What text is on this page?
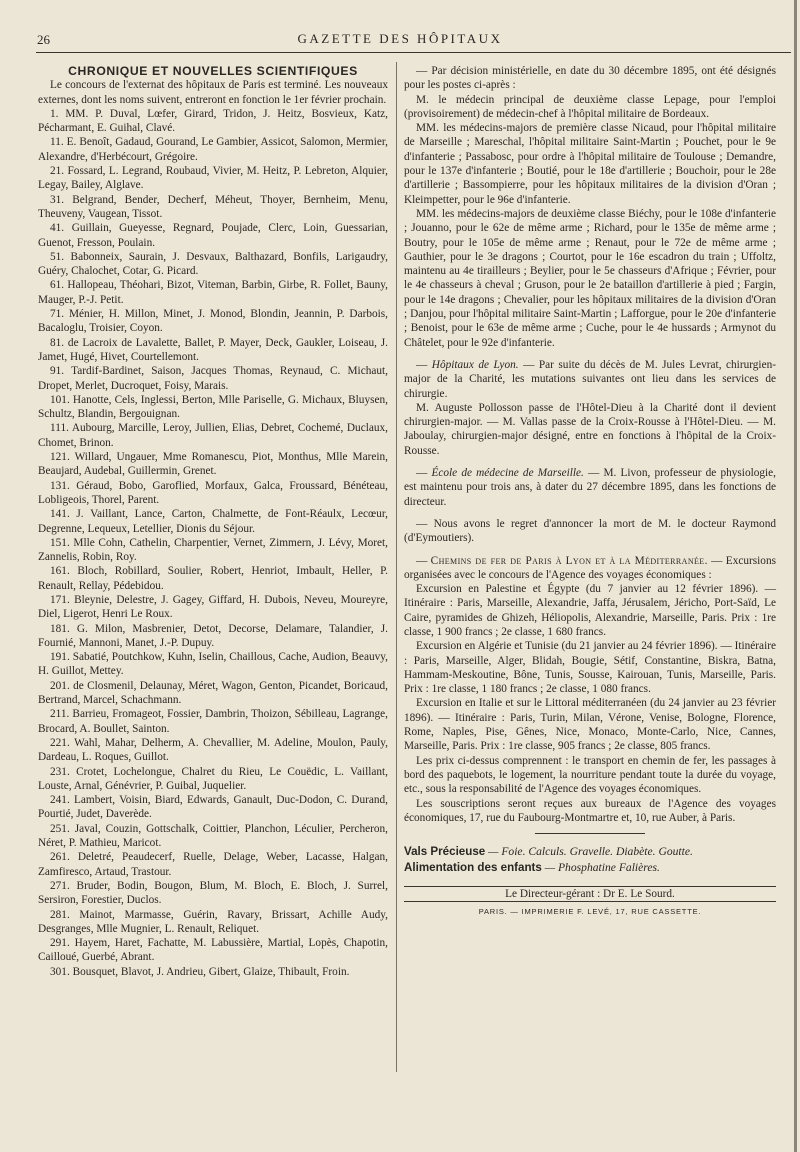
26	GAZETTE DES HÔPITAUX

CHRONIQUE ET NOUVELLES SCIENTIFIQUES

Le concours de l'externat des hôpitaux de Paris est terminé. Les nouveaux externes, dont les noms suivent, entreront en fonction le 1er février prochain.

1. MM. P. Duval, Lœfer, Girard, Tridon, J. Heitz, Bosvieux, Katz, Pécharmant, E. Guihal, Clavé.

11. E. Benoît, Gadaud, Gourand, Le Gambier, Assicot, Salomon, Mermier, Alexandre, d'Herbécourt, Grégoire.

21. Fossard, L. Legrand, Roubaud, Vivier, M. Heitz, P. Lebreton, Alquier, Legay, Bailey, Alglave.

31. Belgrand, Bender, Decherf, Méheut, Thoyer, Bernheim, Menu, Theuveny, Vaugean, Tissot.

41. Guillain, Gueyesse, Regnard, Poujade, Clerc, Loin, Guessarian, Guenot, Fresson, Poulain.

51. Babonneix, Saurain, J. Desvaux, Balthazard, Bonfils, Larigaudry, Guéry, Chalochet, Cotar, G. Picard.

61. Hallopeau, Théohari, Bizot, Viteman, Barbin, Girbe, R. Follet, Bauny, Mauger, P.-J. Petit.

71. Ménier, H. Millon, Minet, J. Monod, Blondin, Jeannin, P. Darbois, Bacaloglu, Troisier, Coyon.

81. de Lacroix de Lavalette, Ballet, P. Mayer, Deck, Gaukler, Loiseau, J. Jamet, Hugé, Hivet, Courtellemont.

91. Tardif-Bardinet, Saison, Jacques Thomas, Reynaud, C. Michaut, Dropet, Merlet, Ducroquet, Foisy, Marais.

101. Hanotte, Cels, Inglessi, Berton, Mlle Pariselle, G. Michaux, Bluysen, Schultz, Blandin, Bergouignan.

111. Aubourg, Marcille, Leroy, Jullien, Elias, Debret, Cochemé, Duclaux, Chomet, Brinon.

121. Willard, Ungauer, Mme Romanescu, Piot, Monthus, Mlle Marein, Beaujard, Audebal, Guillermin, Grenet.

131. Géraud, Bobo, Garoflied, Morfaux, Galca, Froussard, Bénéteau, Lobligeois, Thorel, Parent.

141. J. Vaillant, Lance, Carton, Chalmette, de Font-Réaulx, Lecœur, Degrenne, Lequeux, Letellier, Dionis du Séjour.

151. Mlle Cohn, Cathelin, Charpentier, Vernet, Zimmern, J. Lévy, Moret, Zannelis, Robin, Roy.

161. Bloch, Robillard, Soulier, Robert, Henriot, Imbault, Heller, P. Renault, Rellay, Pédebidou.

171. Bleynie, Delestre, J. Gagey, Giffard, H. Dubois, Neveu, Moureyre, Diel, Ligerot, Henri Le Roux.

181. G. Milon, Masbrenier, Detot, Decorse, Delamare, Talandier, J. Fournié, Mannoni, Manet, J.-P. Dupuy.

191. Sabatié, Poutchkow, Kuhn, Iselin, Chaillous, Cache, Audion, Beauvy, H. Guillot, Mettey.

201. de Closmenil, Delaunay, Méret, Wagon, Genton, Picandet, Boricaud, Bertrand, Marcel, Schachmann.

211. Barrieu, Fromageot, Fossier, Dambrin, Thoizon, Sébilleau, Lagrange, Brocard, A. Boullet, Sainton.

221. Wahl, Mahar, Delherm, A. Chevallier, M. Adeline, Moulon, Pauly, Dardeau, L. Roques, Guillot.

231. Crotet, Lochelongue, Chalret du Rieu, Le Couëdic, L. Vaillant, Louste, Arnal, Génévrier, P. Guibal, Juquelier.

241. Lambert, Voisin, Biard, Edwards, Ganault, Duc-Dodon, C. Durand, Pourtié, Judet, Daverède.

251. Javal, Couzin, Gottschalk, Coittier, Planchon, Léculier, Percheron, Néret, P. Mathieu, Maricot.

261. Deletré, Peaudecerf, Ruelle, Delage, Weber, Lacasse, Halgan, Zamfiresco, Artaud, Trastour.

271. Bruder, Bodin, Bougon, Blum, M. Bloch, E. Bloch, J. Surrel, Sersiron, Forestier, Duclos.

281. Mainot, Marmasse, Guérin, Ravary, Brissart, Achille Audy, Desgranges, Mlle Mugnier, L. Renault, Reliquet.

291. Hayem, Haret, Fachatte, M. Labussière, Martial, Lopès, Chapotin, Cailloué, Guerbé, Abrant.

301. Bousquet, Blavot, J. Andrieu, Gibert, Glaize, Thibault, Froin.

— Par décision ministérielle, en date du 30 décembre 1895, ont été désignés pour les postes ci-après :

M. le médecin principal de deuxième classe Lepage, pour l'emploi (provisoirement) de médecin-chef à l'hôpital militaire de Bordeaux.

MM. les médecins-majors de première classe Nicaud, pour l'hôpital militaire de Marseille ; Mareschal, l'hôpital militaire Saint-Martin ; Pouchet, pour le 9e d'infanterie ; Passabosc, pour ordre à l'hôpital militaire de Toulouse ; Demandre, pour le 137e d'infanterie ; Boutié, pour le 18e d'artillerie ; Bouchoir, pour le 28e d'artillerie ; Bassompierre, pour les hôpitaux militaires de la division d'Oran ; Kleimpetter, pour le 96e d'infanterie.

MM. les médecins-majors de deuxième classe Biéchy, pour le 108e d'infanterie ; Jouanno, pour le 62e de même arme ; Richard, pour le 135e de même arme ; Boutry, pour le 105e de même arme ; Renaut, pour le 72e de même arme ; Gauthier, pour le 3e dragons ; Courtot, pour le 16e escadron du train ; Uffoltz, maintenu au 4e tirailleurs ; Beylier, pour le 5e chasseurs d'Afrique ; Février, pour le 4e chasseurs à cheval ; Gruson, pour le 2e bataillon d'artillerie à pied ; Fargin, pour le 14e dragons ; Chevalier, pour les hôpitaux militaires de la division d'Oran ; Danjou, pour l'hôpital militaire Saint-Martin ; Lafforgue, pour le 20e d'infanterie ; Benoist, pour le 63e de même arme ; Cuche, pour le 4e hussards ; Armynot du Châtelet, pour le 92e d'infanterie.

— Hôpitaux de Lyon. — Par suite du décès de M. Jules Levrat, chirurgien-major de la Charité, les mutations suivantes ont lieu dans les services de chirurgie.

M. Auguste Pollosson passe de l'Hôtel-Dieu à la Charité dont il devient chirurgien-major. — M. Vallas passe de la Croix-Rousse à l'Hôtel-Dieu. — M. Jaboulay, chirurgien-major désigné, entre en fonctions à l'hôpital de la Croix-Rousse.

— École de médecine de Marseille. — M. Livon, professeur de physiologie, est maintenu pour trois ans, à dater du 27 décembre 1895, dans les fonctions de directeur.

— Nous avons le regret d'annoncer la mort de M. le docteur Raymond (d'Eymoutiers).

— Chemins de fer de Paris à Lyon et à la Méditerranée. — Excursions organisées avec le concours de l'Agence des voyages économiques :

Excursion en Palestine et Égypte (du 7 janvier au 12 février 1896). — Itinéraire : Paris, Marseille, Alexandrie, Jaffa, Jérusalem, Jéricho, Port-Saïd, Le Caire, pyramides de Ghizeh, Héliopolis, Alexandrie, Marseille, Paris. Prix : 1re classe, 1 900 francs ; 2e classe, 1 680 francs.

Excursion en Algérie et Tunisie (du 21 janvier au 24 février 1896). — Itinéraire : Paris, Marseille, Alger, Blidah, Bougie, Sétif, Constantine, Biskra, Batna, Hammam-Meskoutine, Bône, Tunis, Sousse, Kairouan, Tunis, Marseille, Paris. Prix : 1re classe, 1 180 francs ; 2e classe, 1 080 francs.

Excursion en Italie et sur le Littoral méditerranéen (du 24 janvier au 23 février 1896). — Itinéraire : Paris, Turin, Milan, Vérone, Venise, Bologne, Florence, Rome, Naples, Pise, Gênes, Nice, Monaco, Monte-Carlo, Nice, Cannes, Marseille, Paris. Prix : 1re classe, 905 francs ; 2e classe, 805 francs.

Les prix ci-dessus comprennent : le transport en chemin de fer, les passages à bord des paquebots, le logement, la nourriture pendant toute la durée du voyage, etc., sous la responsabilité de l'Agence des voyages économiques.

Les souscriptions seront reçues aux bureaux de l'Agence des voyages économiques, 17, rue du Faubourg-Montmartre et, 10, rue Auber, à Paris.

Vals Précieuse — Foie. Calculs. Gravelle. Diabète. Goutte.

Alimentation des enfants — Phosphatine Falières.

Le Directeur-gérant : Dr E. Le Sourd.

PARIS. — IMPRIMERIE F. LEVÉ, 17, RUE CASSETTE.
